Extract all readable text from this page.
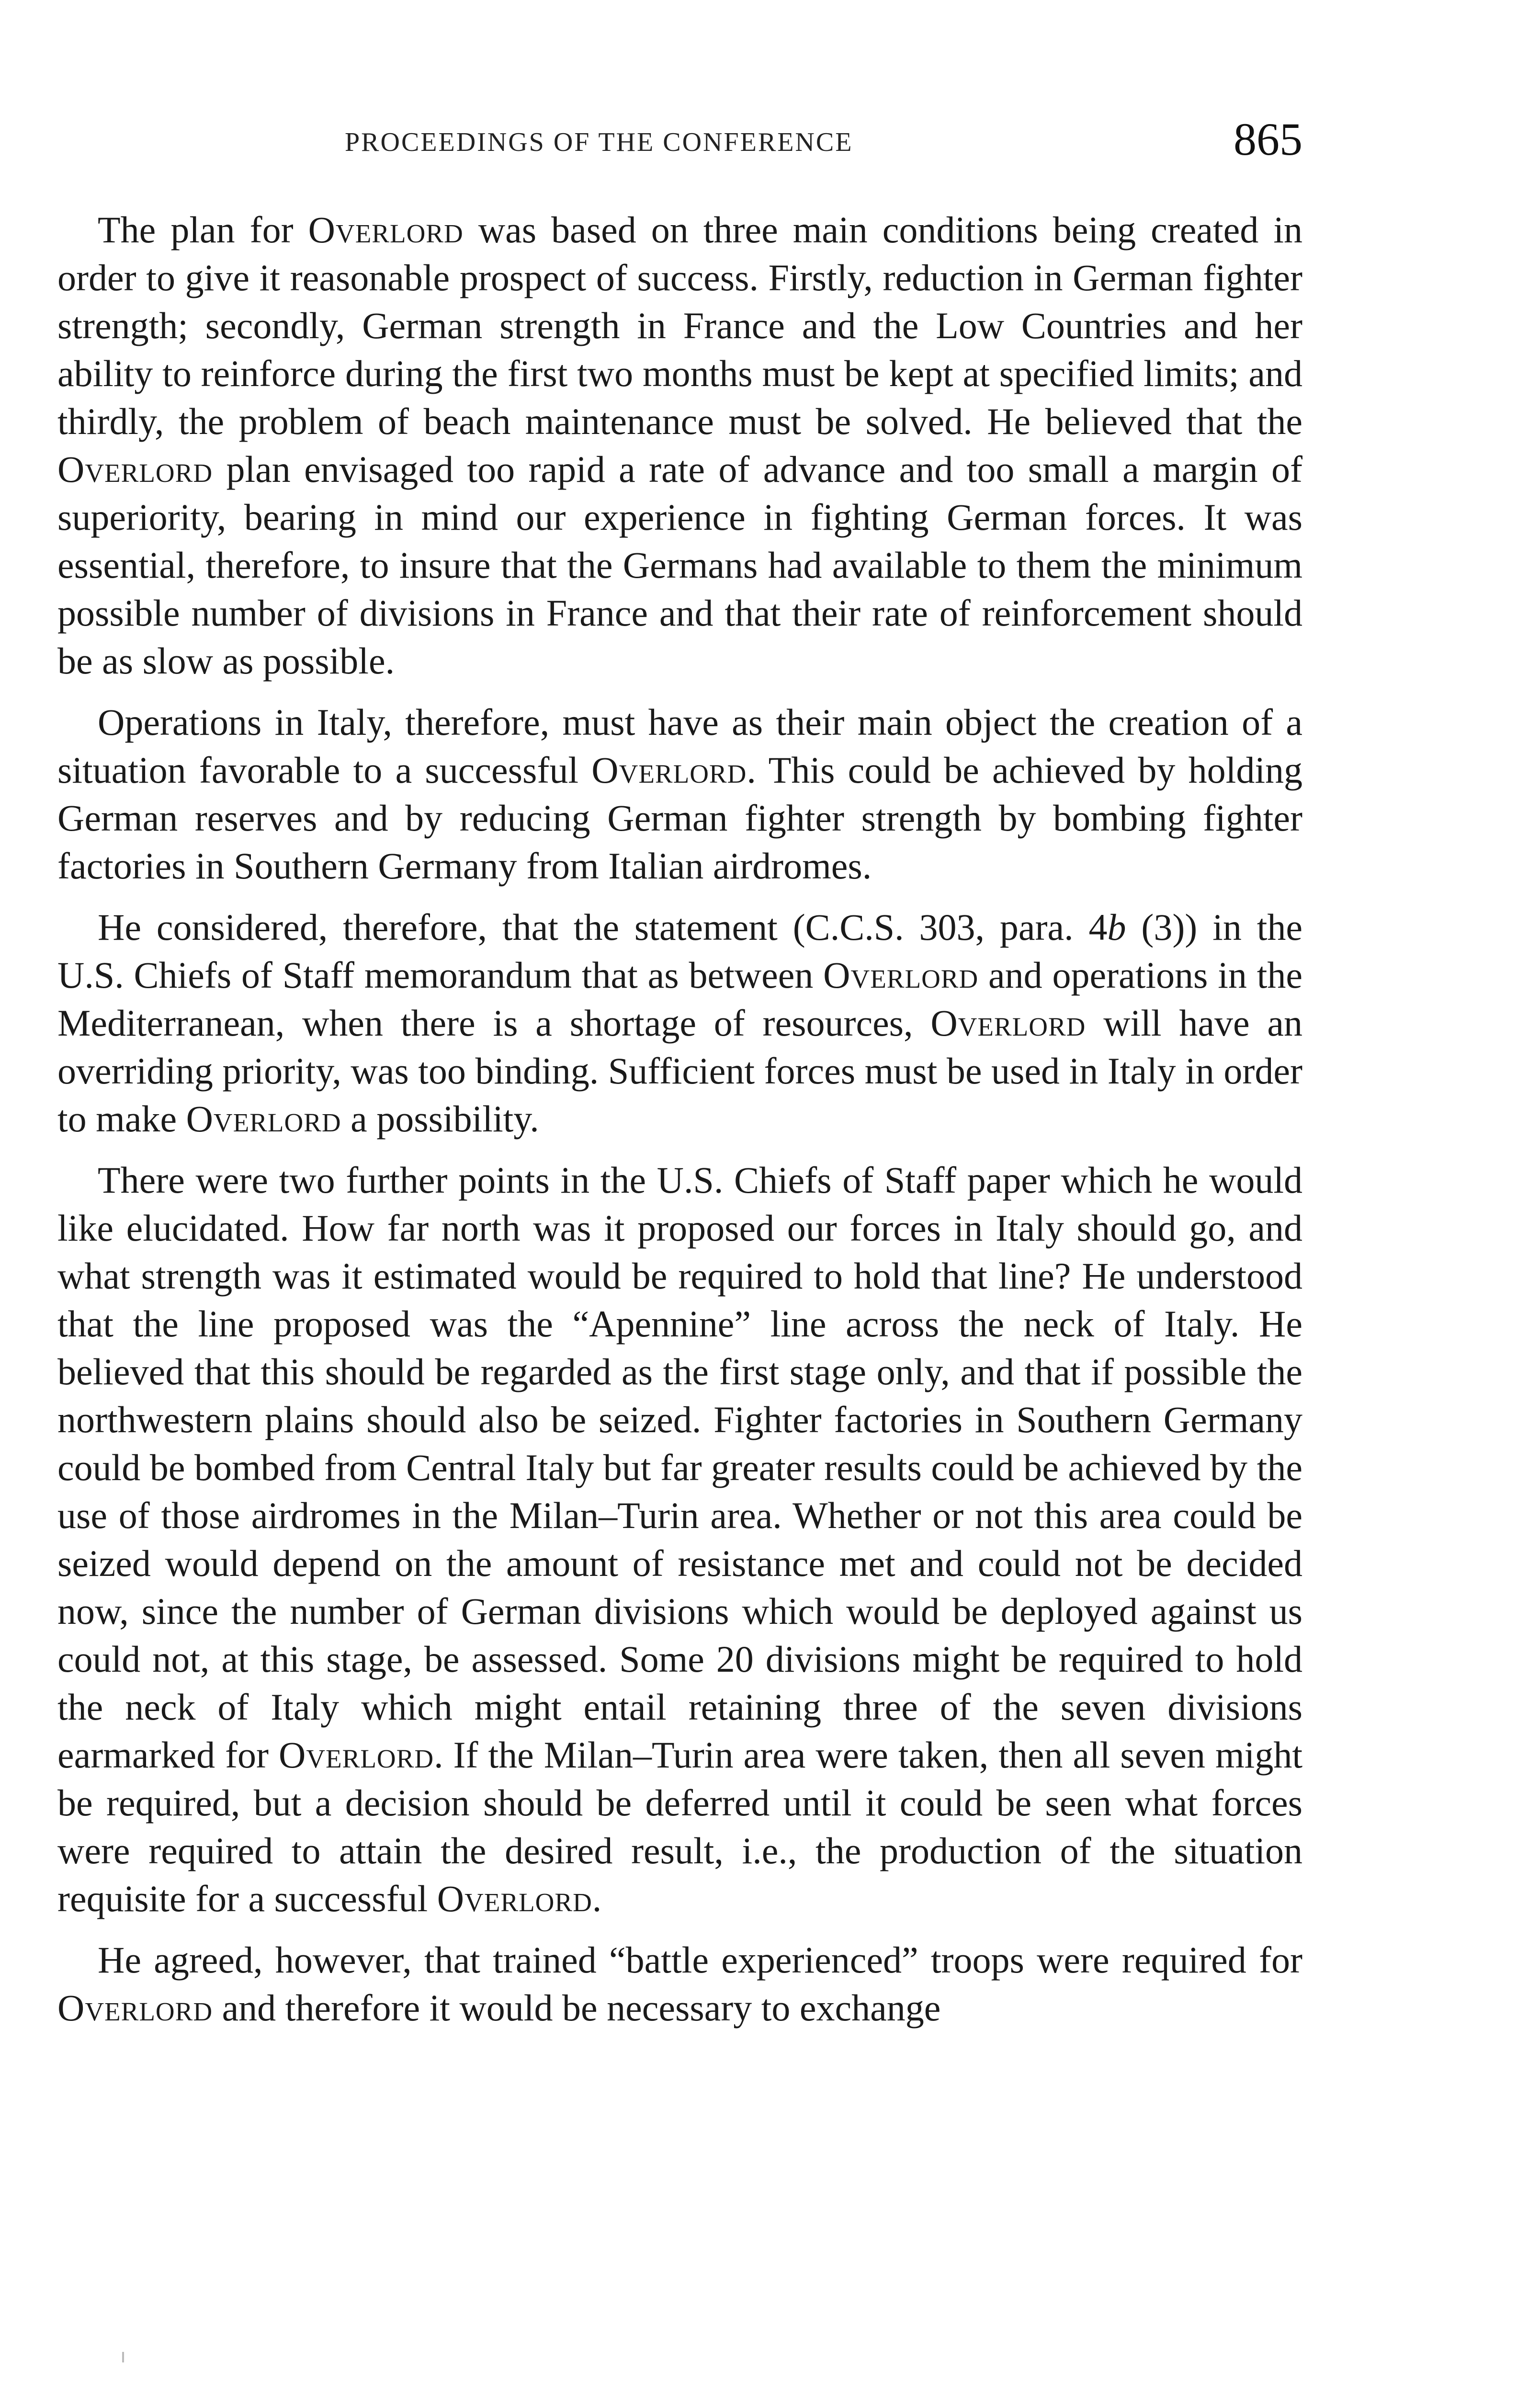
PROCEEDINGS OF THE CONFERENCE	865

The plan for Overlord was based on three main conditions being created in order to give it reasonable prospect of success. Firstly, reduction in German fighter strength; secondly, German strength in France and the Low Countries and her ability to reinforce during the first two months must be kept at specified limits; and thirdly, the problem of beach maintenance must be solved. He believed that the Overlord plan envisaged too rapid a rate of advance and too small a margin of superiority, bearing in mind our experience in fighting German forces. It was essential, therefore, to insure that the Germans had available to them the minimum possible number of divisions in France and that their rate of reinforcement should be as slow as possible.

Operations in Italy, therefore, must have as their main object the creation of a situation favorable to a successful Overlord. This could be achieved by holding German reserves and by reducing German fighter strength by bombing fighter factories in Southern Germany from Italian airdromes.

He considered, therefore, that the statement (C.C.S. 303, para. 4b (3)) in the U.S. Chiefs of Staff memorandum that as between Overlord and operations in the Mediterranean, when there is a shortage of resources, Overlord will have an overriding priority, was too binding. Sufficient forces must be used in Italy in order to make Overlord a possibility.

There were two further points in the U.S. Chiefs of Staff paper which he would like elucidated. How far north was it proposed our forces in Italy should go, and what strength was it estimated would be required to hold that line? He understood that the line proposed was the “Apennine” line across the neck of Italy. He believed that this should be regarded as the first stage only, and that if possible the northwestern plains should also be seized. Fighter factories in Southern Germany could be bombed from Central Italy but far greater results could be achieved by the use of those airdromes in the Milan–Turin area. Whether or not this area could be seized would depend on the amount of resistance met and could not be decided now, since the number of German divisions which would be deployed against us could not, at this stage, be assessed. Some 20 divisions might be required to hold the neck of Italy which might entail retaining three of the seven divisions earmarked for Overlord. If the Milan–Turin area were taken, then all seven might be required, but a decision should be deferred until it could be seen what forces were required to attain the desired result, i.e., the production of the situation requisite for a successful Overlord.

He agreed, however, that trained “battle experienced” troops were required for Overlord and therefore it would be necessary to exchange
